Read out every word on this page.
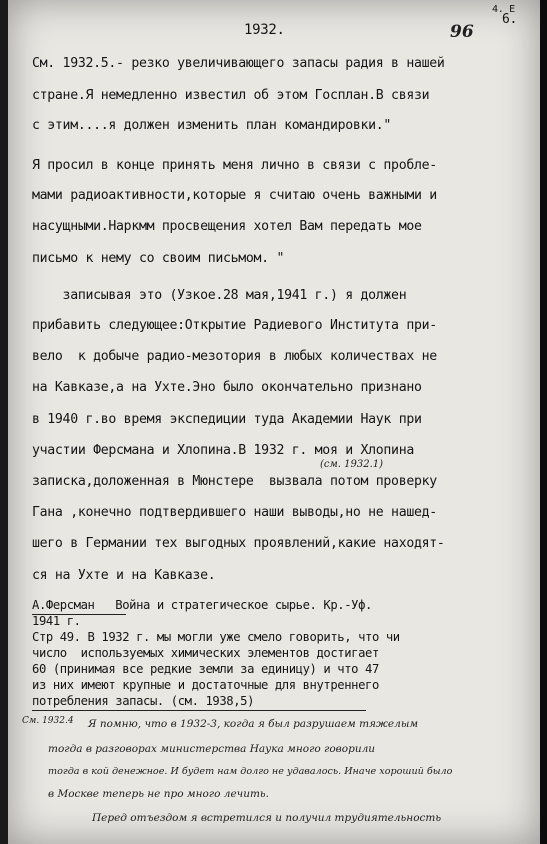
1932.	96
4. E
6.
См. 1932.5.- резко увеличивающего запасы радия в нашей
стране.Я немедленно известил об этом Госплан.В связи
с этим....я должен изменить план командировки."
Я просил в конце принять меня лично в связи с пробле-
мами радиоактивности,которые я считаю очень важными и
насущными.Наркмм просвещения хотел Вам передать мое
письмо к нему со своим письмом. "
записывая это (Узкое.28 мая,1941 г.) я должен
прибавить следующее:Открытие Радиевого Института при-
вело  к добыче радио-мезотория в любых количествах не
на Кавказе,а на Ухте.Эно было окончательно признано
в 1940 г.во время экспедиции туда Академии Наук при
участии Ферсмана и Хлопина.В 1932 г. моя и Хлопина
(см. 1932.1)
записка,доложенная в Мюнстере  вызвала потом проверку
Гана ,конечно подтвердившего наши выводы,но не нашед-
шего в Германии тех выгодных проявлений,какие находят-
ся на Ухте и на Кавказе.
А.Ферсман   Война и стратегическое сырье. Кр.-Уф.
1941 г.
Стр 49. В 1932 г. мы могли уже смело говорить, что чи
число  используемых химических элементов достигает
60 (принимая все редкие земли за единицу) и что 47
из них имеют крупные и достаточные для внутреннего
потребления запасы. (см. 1938,5)
См. 1932.4 Я помню, что в 1932-3, когда я был разрушаем тяжелым
тогда в разговорах министерства Наука много говорили
тогда в кой денежное. И будет нам долго не удавалось. Иначе хороший было
в Москве теперь не про много лечить.
Перед отъездом я встретился и получил трудиятельность
